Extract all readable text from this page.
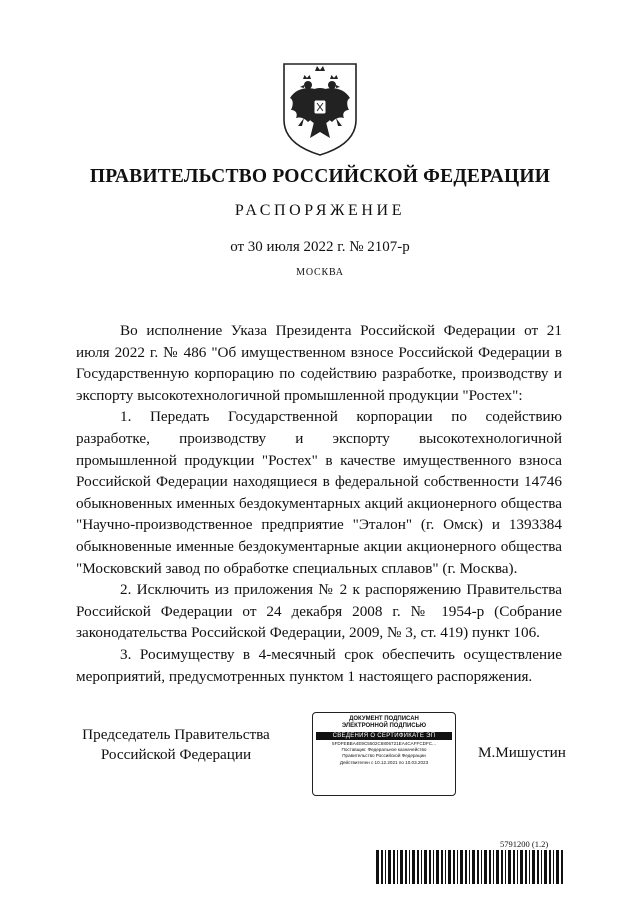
ПРАВИТЕЛЬСТВО РОССИЙСКОЙ ФЕДЕРАЦИИ
РАСПОРЯЖЕНИЕ
от 30 июля 2022 г. № 2107-р
МОСКВА

Во исполнение Указа Президента Российской Федерации от 21 июля 2022 г. № 486 "Об имущественном взносе Российской Федерации в Государственную корпорацию по содействию разработке, производству и экспорту высокотехнологичной промышленной продукции "Ростех":

1. Передать Государственной корпорации по содействию разработке, производству и экспорту высокотехнологичной промышленной продукции "Ростех" в качестве имущественного взноса Российской Федерации находящиеся в федеральной собственности 14746 обыкновенных именных бездокументарных акций акционерного общества "Научно-производственное предприятие "Эталон" (г. Омск) и 1393384 обыкновенные именные бездокументарные акции акционерного общества "Московский завод по обработке специальных сплавов" (г. Москва).

2. Исключить из приложения № 2 к распоряжению Правительства Российской Федерации от 24 декабря 2008 г. № 1954-р (Собрание законодательства Российской Федерации, 2009, № 3, ст. 419) пункт 106.

3. Росимуществу в 4-месячный срок обеспечить осуществление мероприятий, предусмотренных пунктом 1 настоящего распоряжения.

Председатель Правительства
Российской Федерации
ДОКУМЕНТ ПОДПИСАН
ЭЛЕКТРОННОЙ ПОДПИСЬЮ
СВЕДЕНИЯ О СЕРТИФИКАТЕ ЭП
5FDFEBBA4E9C5502C6806721EA4CAFFCDFC...
Поставщик: Федеральное казначейство
Правительство Российской Федерации
Действителен с 10.12.2021 по 10.03.2023
М.Мишустин
5791200 (1.2)
